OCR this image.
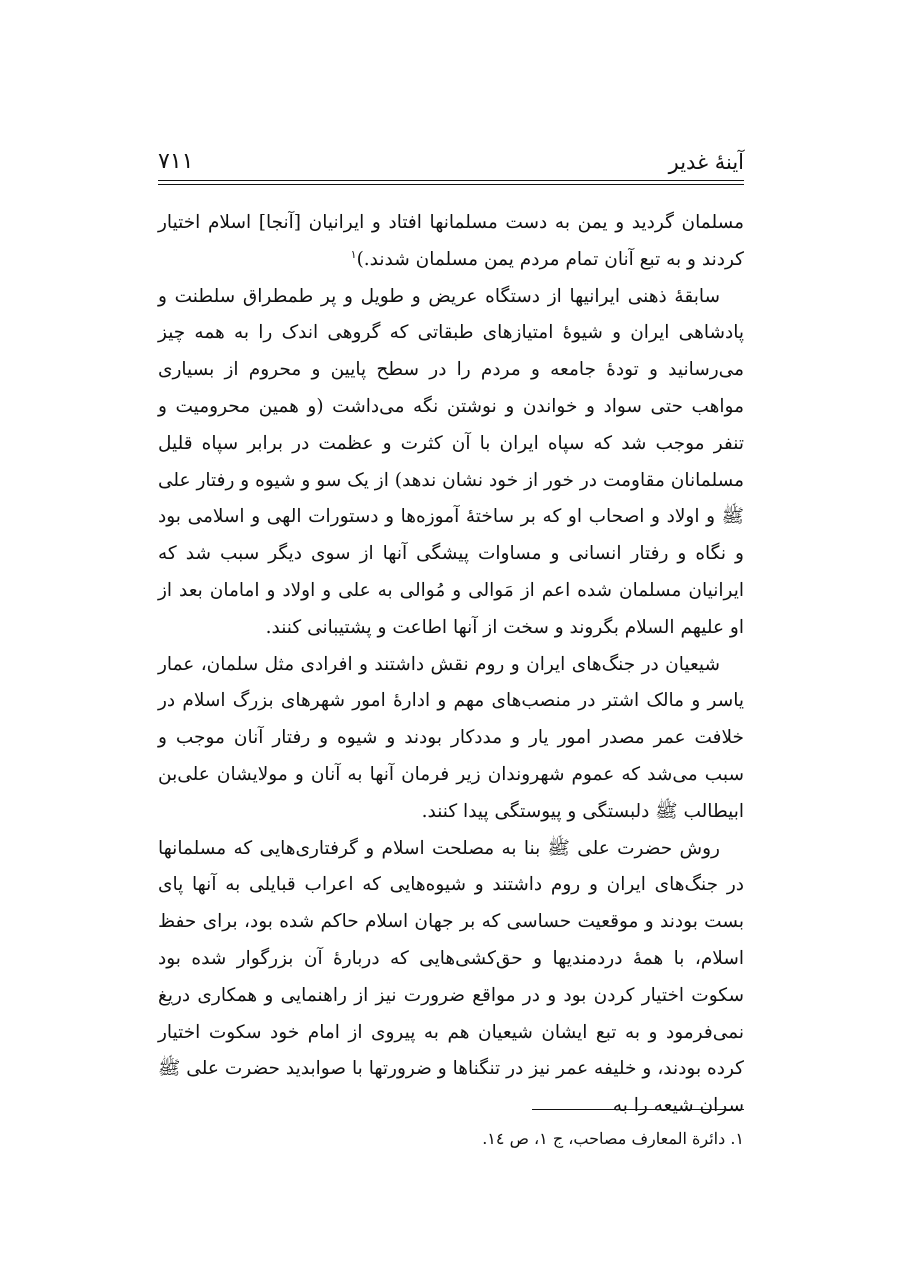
آینهٔ غدیر
۷۱۱

مسلمان گردید و یمن به دست مسلمانها افتاد و ایرانیان [آنجا] اسلام اختیار کردند و به تبع آنان تمام مردم یمن مسلمان شدند.)$^۱$

سابقهٔ ذهنی ایرانیها از دستگاه عریض و طویل و پر طمطراق سلطنت و پادشاهی ایران و شیوهٔ امتیازهای طبقاتی که گروهی اندک را به همه چیز می‌رسانید و تودهٔ جامعه و مردم را در سطح پایین و محروم از بسیاری مواهب حتی سواد و خواندن و نوشتن نگه می‌داشت (و همین محرومیت و تنفر موجب شد که سپاه ایران با آن کثرت و عظمت در برابر سپاه قلیل مسلمانان مقاومت در خور از خود نشان ندهد) از یک سو و شیوه و رفتار علی ﷺ و اولاد و اصحاب او که بر ساختهٔ آموزه‌ها و دستورات الهی و اسلامی بود و نگاه و رفتار انسانی و مساوات پیشگی آنها از سوی دیگر سبب شد که ایرانیان مسلمان شده اعم از مَوالی و مُوالی به علی و اولاد و امامان بعد از او علیهم السلام بگروند و سخت از آنها اطاعت و پشتیبانی کنند.

شیعیان در جنگ‌های ایران و روم نقش داشتند و افرادی مثل سلمان، عمار یاسر و مالک اشتر در منصب‌های مهم و ادارهٔ امور شهرهای بزرگ اسلام در خلافت عمر مصدر امور یار و مددکار بودند و شیوه و رفتار آنان موجب و سبب می‌شد که عموم شهروندان زیر فرمان آنها به آنان و مولایشان علی‌بن ابیطالب ﷺ دلبستگی و پیوستگی پیدا کنند.

روش حضرت علی ﷺ بنا به مصلحت اسلام و گرفتاری‌هایی که مسلمانها در جنگ‌های ایران و روم داشتند و شیوه‌هایی که اعراب قبایلی به آنها پای بست بودند و موقعیت حساسی که بر جهان اسلام حاکم شده بود، برای حفظ اسلام، با همهٔ دردمندیها و حق‌کشی‌هایی که دربارهٔ آن بزرگوار شده بود سکوت اختیار کردن بود و در مواقع ضرورت نیز از راهنمایی و همکاری دریغ نمی‌فرمود و به تبع ایشان شیعیان هم به پیروی از امام خود سکوت اختیار کرده بودند، و خلیفه عمر نیز در تنگناها و ضرورتها با صوابدید حضرت علی ﷺ سران شیعه را به

۱. دائرة المعارف مصاحب، ج ۱، ص ۱٤.
